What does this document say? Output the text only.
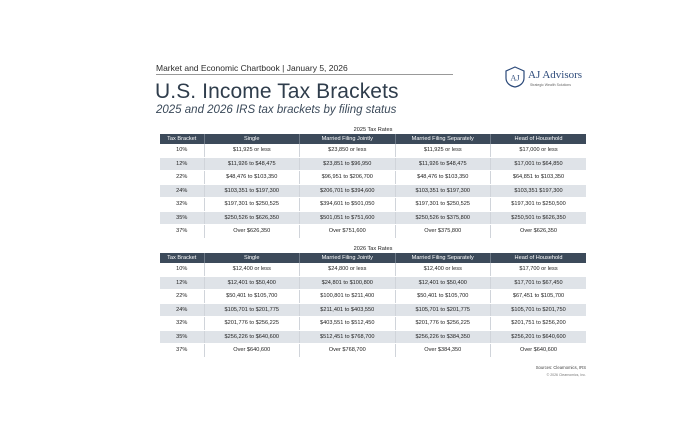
Market and Economic Chartbook | January 5, 2026
U.S. Income Tax Brackets
2025 and 2026 IRS tax brackets by filing status
AJ AJ Advisors
Strategic Wealth Solutions
2025 Tax Rates
Tax Bracket	Single	Married Filing Jointly	Married Filing Separately	Head of Household
10%	$11,925 or less	$23,850 or less	$11,925 or less	$17,000 or less
12%	$11,926 to $48,475	$23,851 to $96,950	$11,926 to $48,475	$17,001 to $64,850
22%	$48,476 to $103,350	$96,951 to $206,700	$48,476 to $103,350	$64,851 to $103,350
24%	$103,351 to $197,300	$206,701 to $394,600	$103,351 to $197,300	$103,351 $197,300
32%	$197,301 to $250,525	$394,601 to $501,050	$197,301 to $250,525	$197,301 to $250,500
35%	$250,526 to $626,350	$501,051 to $751,600	$250,526 to $375,800	$250,501 to $626,350
37%	Over $626,350	Over $751,600	Over $375,800	Over $626,350
2026 Tax Rates
Tax Bracket	Single	Married Filing Jointly	Married Filing Separately	Head of Household
10%	$12,400 or less	$24,800 or less	$12,400 or less	$17,700 or less
12%	$12,401 to $50,400	$24,801 to $100,800	$12,401 to $50,400	$17,701 to $67,450
22%	$50,401 to $105,700	$100,801 to $211,400	$50,401 to $105,700	$67,451 to $105,700
24%	$105,701 to $201,775	$211,401 to $403,550	$105,701 to $201,775	$105,701 to $201,750
32%	$201,776 to $256,225	$403,551 to $512,450	$201,776 to $256,225	$201,751 to $256,200
35%	$256,226 to $640,600	$512,451 to $768,700	$256,226 to $384,350	$256,201 to $640,600
37%	Over $640,600	Over $768,700	Over $384,350	Over $640,600
Sources: Clearnomics, IRS
© 2026 Clearnomics, Inc.
